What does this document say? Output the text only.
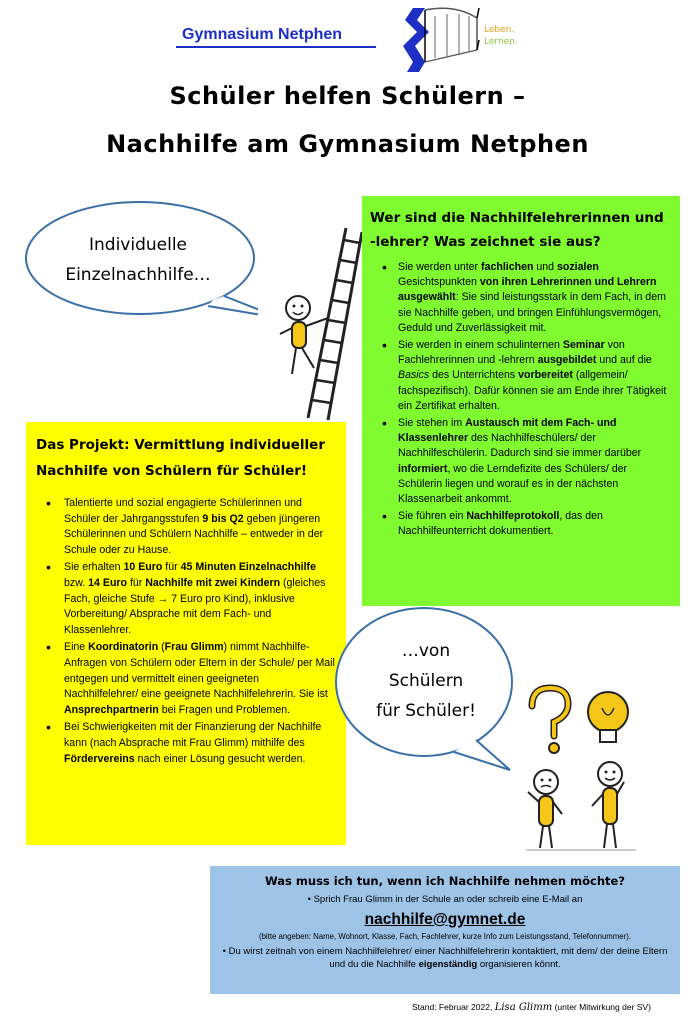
Gymnasium Netphen	Leben.
Lernen.
Schüler helfen Schülern –
Nachhilfe am Gymnasium Netphen
Individuelle
Einzelnachhilfe…
Wer sind die Nachhilfelehrerinnen und -lehrer? Was zeichnet sie aus?
• Sie werden unter fachlichen und sozialen Gesichtspunkten von ihren Lehrerinnen und Lehrern ausgewählt: Sie sind leistungsstark in dem Fach, in dem sie Nachhilfe geben, und bringen Einfühlungsvermögen, Geduld und Zuverlässigkeit mit.
• Sie werden in einem schulinternen Seminar von Fachlehrerinnen und -lehrern ausgebildet und auf die Basics des Unterrichtens vorbereitet (allgemein/ fachspezifisch). Dafür können sie am Ende ihrer Tätigkeit ein Zertifikat erhalten.
• Sie stehen im Austausch mit dem Fach- und Klassenlehrer des Nachhilfeschülers/ der Nachhilfeschülerin. Dadurch sind sie immer darüber informiert, wo die Lerndefizite des Schülers/ der Schülerin liegen und worauf es in der nächsten Klassenarbeit ankommt.
• Sie führen ein Nachhilfeprotokoll, das den Nachhilfeunterricht dokumentiert.
Das Projekt: Vermittlung individueller Nachhilfe von Schülern für Schüler!
• Talentierte und sozial engagierte Schülerinnen und Schüler der Jahrgangsstufen 9 bis Q2 geben jüngeren Schülerinnen und Schülern Nachhilfe – entweder in der Schule oder zu Hause.
• Sie erhalten 10 Euro für 45 Minuten Einzelnachhilfe bzw. 14 Euro für Nachhilfe mit zwei Kindern (gleiches Fach, gleiche Stufe → 7 Euro pro Kind), inklusive Vorbereitung/ Absprache mit dem Fach- und Klassenlehrer.
• Eine Koordinatorin (Frau Glimm) nimmt Nachhilfe-Anfragen von Schülern oder Eltern in der Schule/ per Mail entgegen und vermittelt einen geeigneten Nachhilfelehrer/ eine geeignete Nachhilfelehrerin. Sie ist Ansprechpartnerin bei Fragen und Problemen.
• Bei Schwierigkeiten mit der Finanzierung der Nachhilfe kann (nach Absprache mit Frau Glimm) mithilfe des Fördervereins nach einer Lösung gesucht werden.
…von
Schülern
für Schüler!
Was muss ich tun, wenn ich Nachhilfe nehmen möchte?
• Sprich Frau Glimm in der Schule an oder schreib eine E-Mail an
nachhilfe@gymnet.de
(bitte angeben: Name, Wohnort, Klasse, Fach, Fachlehrer, kurze Info zum Leistungsstand, Telefonnummer).
• Du wirst zeitnah von einem Nachhilfelehrer/ einer Nachhilfelehrerin kontaktiert, mit dem/ der deine Eltern und du die Nachhilfe eigenständig organisieren könnt.
Stand: Februar 2022, Lisa Glimm (unter Mitwirkung der SV)
